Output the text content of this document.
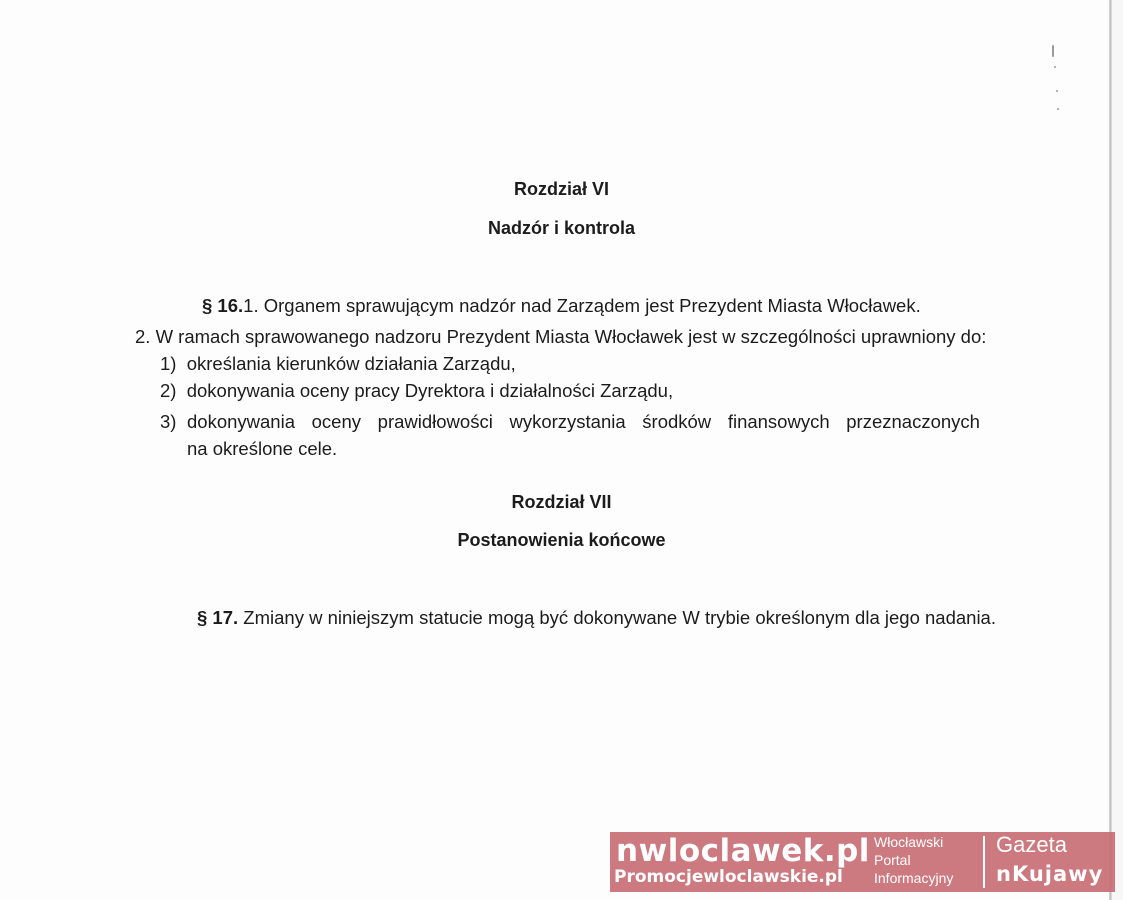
Rozdział VI
Nadzór i kontrola
§ 16.1. Organem sprawującym nadzór nad Zarządem jest Prezydent Miasta Włocławek.
2. W ramach sprawowanego nadzoru Prezydent Miasta Włocławek jest w szczególności uprawniony do:
1) określania kierunków działania Zarządu,
2) dokonywania oceny pracy Dyrektora i działalności Zarządu,
3) dokonywania oceny prawidłowości wykorzystania środków finansowych przeznaczonych
na określone cele.
Rozdział VII
Postanowienia końcowe
§ 17. Zmiany w niniejszym statucie mogą być dokonywane W trybie określonym dla jego nadania.
nwloclawek.pl
Promocjewloclawskie.pl
Włocławski
Portal
Informacyjny
Gazeta
nKujawy
